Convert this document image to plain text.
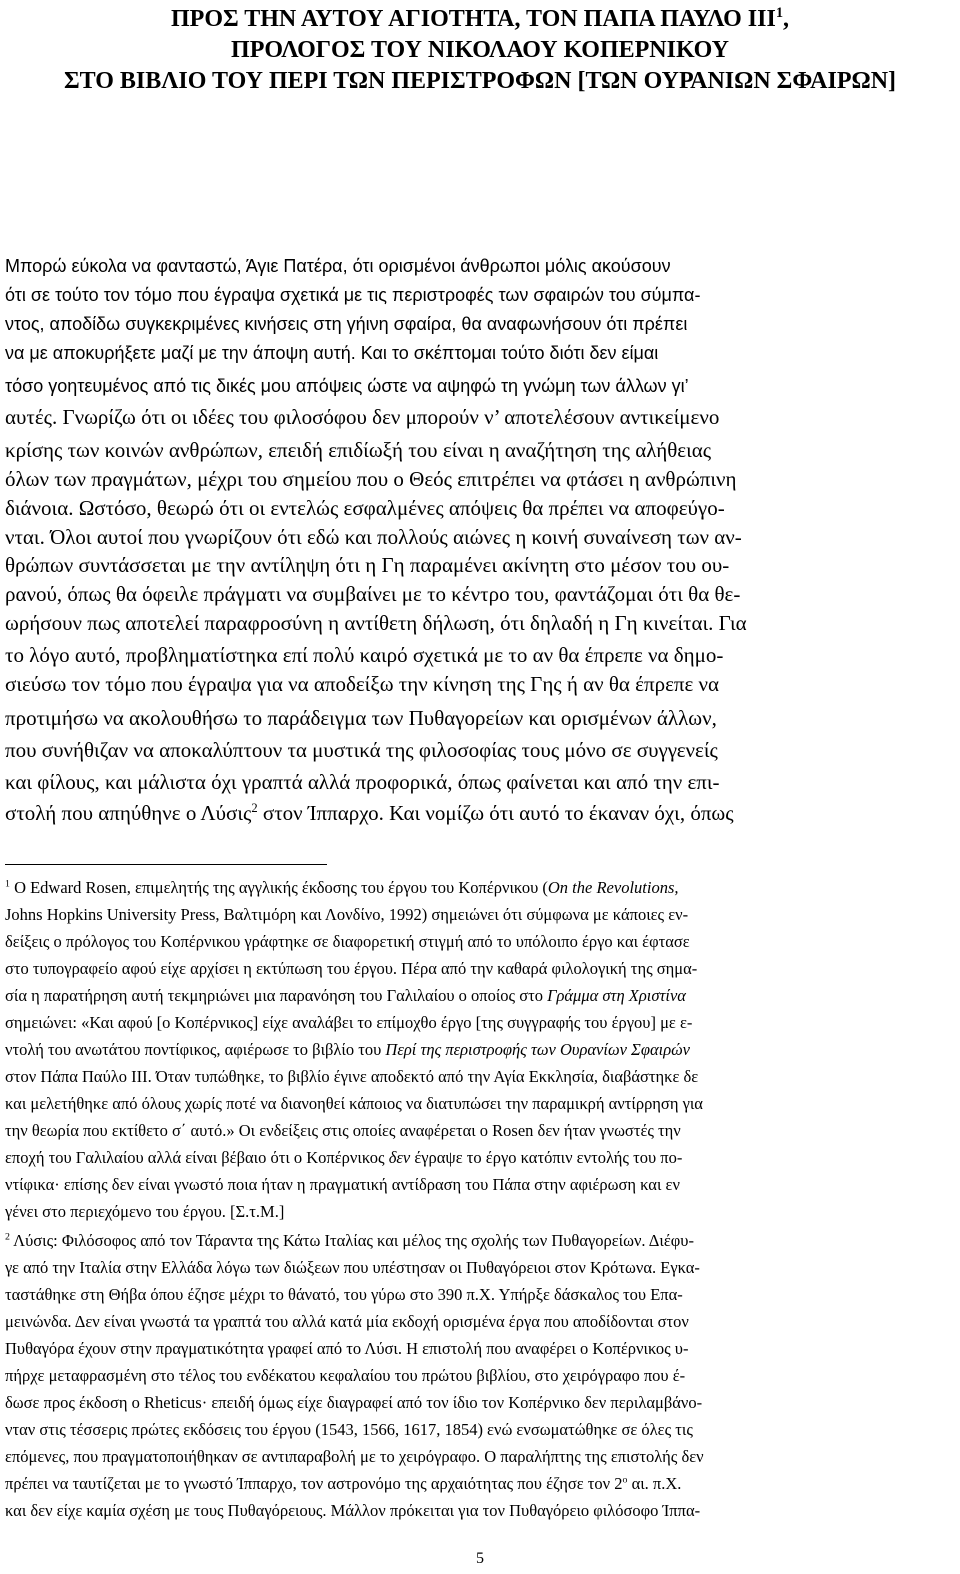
ΠΡΟΣ ΤΗΝ ΑΥΤΟΥ ΑΓΙΟΤΗΤΑ, ΤΟΝ ΠΑΠΑ ΠΑΥΛΟ ΙΙΙ$^1$,
ΠΡΟΛΟΓΟΣ ΤΟΥ ΝΙΚΟΛΑΟΥ ΚΟΠΕΡΝΙΚΟΥ
ΣΤΟ ΒΙΒΛΙΟ ΤΟΥ ΠΕΡΙ ΤΩΝ ΠΕΡΙΣΤΡΟΦΩΝ [ΤΩΝ ΟΥΡΑΝΙΩΝ ΣΦΑΙΡΩΝ]
Μπορώ εύκολα να φανταστώ, Άγιε Πατέρα, ότι ορισμένοι άνθρωποι μόλις ακούσουν
ότι σε τούτο τον τόμο που έγραψα σχετικά με τις περιστροφές των σφαιρών του σύμπα-
ντος, αποδίδω συγκεκριμένες κινήσεις στη γήινη σφαίρα, θα αναφωνήσουν ότι πρέπει
να με αποκυρήξετε μαζί με την άποψη αυτή. Και το σκέπτομαι τούτο διότι δεν είμαι
τόσο γοητευμένος από τις δικές μου απόψεις ώστε να αψηφώ τη γνώμη των άλλων γι’
αυτές. Γνωρίζω ότι οι ιδέες του φιλοσόφου δεν μπορούν ν’ αποτελέσουν αντικείμενο
κρίσης των κοινών ανθρώπων, επειδή επιδίωξή του είναι η αναζήτηση της αλήθειας
όλων των πραγμάτων, μέχρι του σημείου που ο Θεός επιτρέπει να φτάσει η ανθρώπινη
διάνοια. Ωστόσο, θεωρώ ότι οι εντελώς εσφαλμένες απόψεις θα πρέπει να αποφεύγο-
νται. Όλοι αυτοί που γνωρίζουν ότι εδώ και πολλούς αιώνες η κοινή συναίνεση των αν-
θρώπων συντάσσεται με την αντίληψη ότι η Γη παραμένει ακίνητη στο μέσον του ου-
ρανού, όπως θα όφειλε πράγματι να συμβαίνει με το κέντρο του, φαντάζομαι ότι θα θε-
ωρήσουν πως αποτελεί παραφροσύνη η αντίθετη δήλωση, ότι δηλαδή η Γη κινείται. Για
το λόγο αυτό, προβληματίστηκα επί πολύ καιρό σχετικά με το αν θα έπρεπε να δημο-
σιεύσω τον τόμο που έγραψα για να αποδείξω την κίνηση της Γης ή αν θα έπρεπε να
προτιμήσω να ακολουθήσω το παράδειγμα των Πυθαγορείων και ορισμένων άλλων,
που συνήθιζαν να αποκαλύπτουν τα μυστικά της φιλοσοφίας τους μόνο σε συγγενείς
και φίλους, και μάλιστα όχι γραπτά αλλά προφορικά, όπως φαίνεται και από την επι-
στολή που απηύθηνε ο Λύσις$^2$ στον Ίππαρχο. Και νομίζω ότι αυτό το έκαναν όχι, όπως
$^1$ Ο Edward Rosen, επιμελητής της αγγλικής έκδοσης του έργου του Κοπέρνικου (On the Revolutions,
Johns Hopkins University Press, Βαλτιμόρη και Λονδίνο, 1992) σημειώνει ότι σύμφωνα με κάποιες εν-
δείξεις ο πρόλογος του Κοπέρνικου γράφτηκε σε διαφορετική στιγμή από το υπόλοιπο έργο και έφτασε
στο τυπογραφείο αφού είχε αρχίσει η εκτύπωση του έργου. Πέρα από την καθαρά φιλολογική της σημα-
σία η παρατήρηση αυτή τεκμηριώνει μια παρανόηση του Γαλιλαίου ο οποίος στο Γράμμα στη Χριστίνα
σημειώνει: «Και αφού [ο Κοπέρνικος] είχε αναλάβει το επίμοχθο έργο [της συγγραφής του έργου] με ε-
ντολή του ανωτάτου ποντίφικος, αφιέρωσε το βιβλίο του Περί της περιστροφής των Ουρανίων Σφαιρών
στον Πάπα Παύλο ΙΙΙ. Όταν τυπώθηκε, το βιβλίο έγινε αποδεκτό από την Αγία Εκκλησία, διαβάστηκε δε
και μελετήθηκε από όλους χωρίς ποτέ να διανοηθεί κάποιος να διατυπώσει την παραμικρή αντίρρηση για
την θεωρία που εκτίθετο σ΄ αυτό.» Οι ενδείξεις στις οποίες αναφέρεται ο Rosen δεν ήταν γνωστές την
εποχή του Γαλιλαίου αλλά είναι βέβαιο ότι ο Κοπέρνικος δεν έγραψε το έργο κατόπιν εντολής του πο-
ντίφικα· επίσης δεν είναι γνωστό ποια ήταν η πραγματική αντίδραση του Πάπα στην αφιέρωση και εν
γένει στο περιεχόμενο του έργου. [Σ.τ.Μ.]
$^2$ Λύσις: Φιλόσοφος από τον Τάραντα της Κάτω Ιταλίας και μέλος της σχολής των Πυθαγορείων. Διέφυ-
γε από την Ιταλία στην Ελλάδα λόγω των διώξεων που υπέστησαν οι Πυθαγόρειοι στον Κρότωνα. Εγκα-
ταστάθηκε στη Θήβα όπου έζησε μέχρι το θάνατό, του γύρω στο 390 π.Χ. Υπήρξε δάσκαλος του Επα-
μεινώνδα. Δεν είναι γνωστά τα γραπτά του αλλά κατά μία εκδοχή ορισμένα έργα που αποδίδονται στον
Πυθαγόρα έχουν στην πραγματικότητα γραφεί από το Λύσι. Η επιστολή που αναφέρει ο Κοπέρνικος υ-
πήρχε μεταφρασμένη στο τέλος του ενδέκατου κεφαλαίου του πρώτου βιβλίου, στο χειρόγραφο που έ-
δωσε προς έκδοση ο Rheticus· επειδή όμως είχε διαγραφεί από τον ίδιο τον Κοπέρνικο δεν περιλαμβάνο-
νταν στις τέσσερις πρώτες εκδόσεις του έργου (1543, 1566, 1617, 1854) ενώ ενσωματώθηκε σε όλες τις
επόμενες, που πραγματοποιήθηκαν σε αντιπαραβολή με το χειρόγραφο. Ο παραλήπτης της επιστολής δεν
πρέπει να ταυτίζεται με το γνωστό Ίππαρχο, τον αστρονόμο της αρχαιότητας που έζησε τον $2^o$ αι. π.Χ.
και δεν είχε καμία σχέση με τους Πυθαγόρειους. Μάλλον πρόκειται για τον Πυθαγόρειο φιλόσοφο Ίππα-
5
